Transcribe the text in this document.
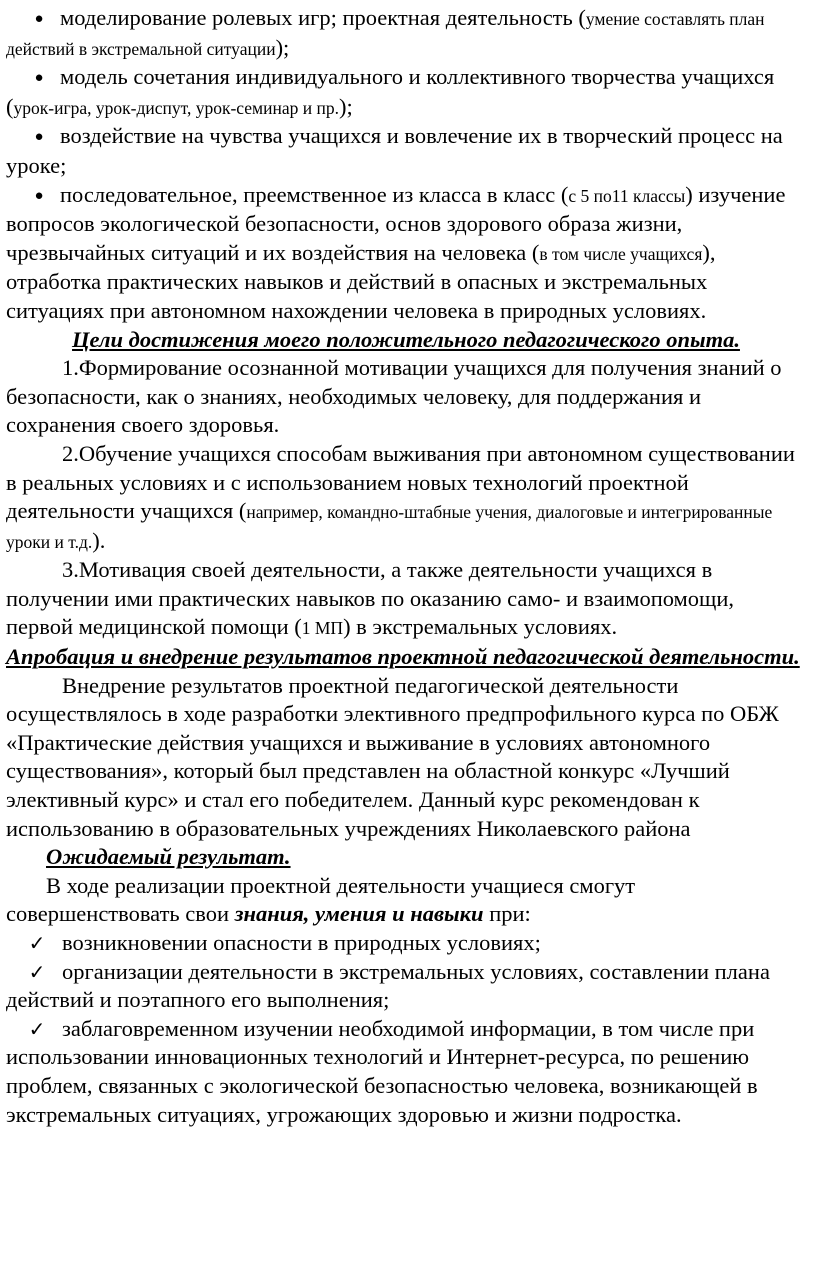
●моделирование ролевых игр; проектная деятельность (умение составлять план действий в экстремальной ситуации);

●модель сочетания индивидуального и коллективного творчества учащихся (урок-игра, урок-диспут, урок-семинар и пр.);

●воздействие на чувства учащихся и вовлечение их в творческий процесс на уроке;

●последовательное, преемственное из класса в класс (с 5 по11 классы) изучение вопросов экологической безопасности, основ здорового образа жизни, чрезвычайных ситуаций и их воздействия на человека (в том числе учащихся), отработка практических навыков и действий в опасных и экстремальных ситуациях при автономном нахождении человека в природных условиях.

Цели достижения моего положительного педагогического опыта.

1.Формирование осознанной мотивации учащихся для получения знаний о безопасности, как о знаниях, необходимых человеку, для поддержания и сохранения своего здоровья.

2.Обучение учащихся способам выживания при автономном существовании в реальных условиях и с использованием новых технологий проектной деятельности учащихся (например, командно-штабные учения, диалоговые и интегрированные уроки и т.д.).

3.Мотивация своей деятельности, а также деятельности учащихся в получении ими практических навыков по оказанию само- и взаимопомощи, первой медицинской помощи (1 МП) в экстремальных условиях.

Апробация и внедрение результатов проектной педагогической деятельности.

Внедрение результатов проектной педагогической деятельности осуществлялось в ходе разработки элективного предпрофильного курса по ОБЖ «Практические действия учащихся и выживание в условиях автономного существования», который был представлен на областной конкурс «Лучший элективный курс» и стал его победителем. Данный курс рекомендован к использованию в образовательных учреждениях Николаевского района

Ожидаемый результат.

В ходе реализации проектной деятельности учащиеся смогут совершенствовать свои знания, умения и навыки при:

✓возникновении опасности в природных условиях;

✓организации деятельности в экстремальных условиях, составлении плана действий и поэтапного его выполнения;

✓заблаговременном изучении необходимой информации, в том числе при использовании инновационных технологий и Интернет-ресурса, по решению проблем, связанных с экологической безопасностью человека, возникающей в экстремальных ситуациях, угрожающих здоровью и жизни подростка.
